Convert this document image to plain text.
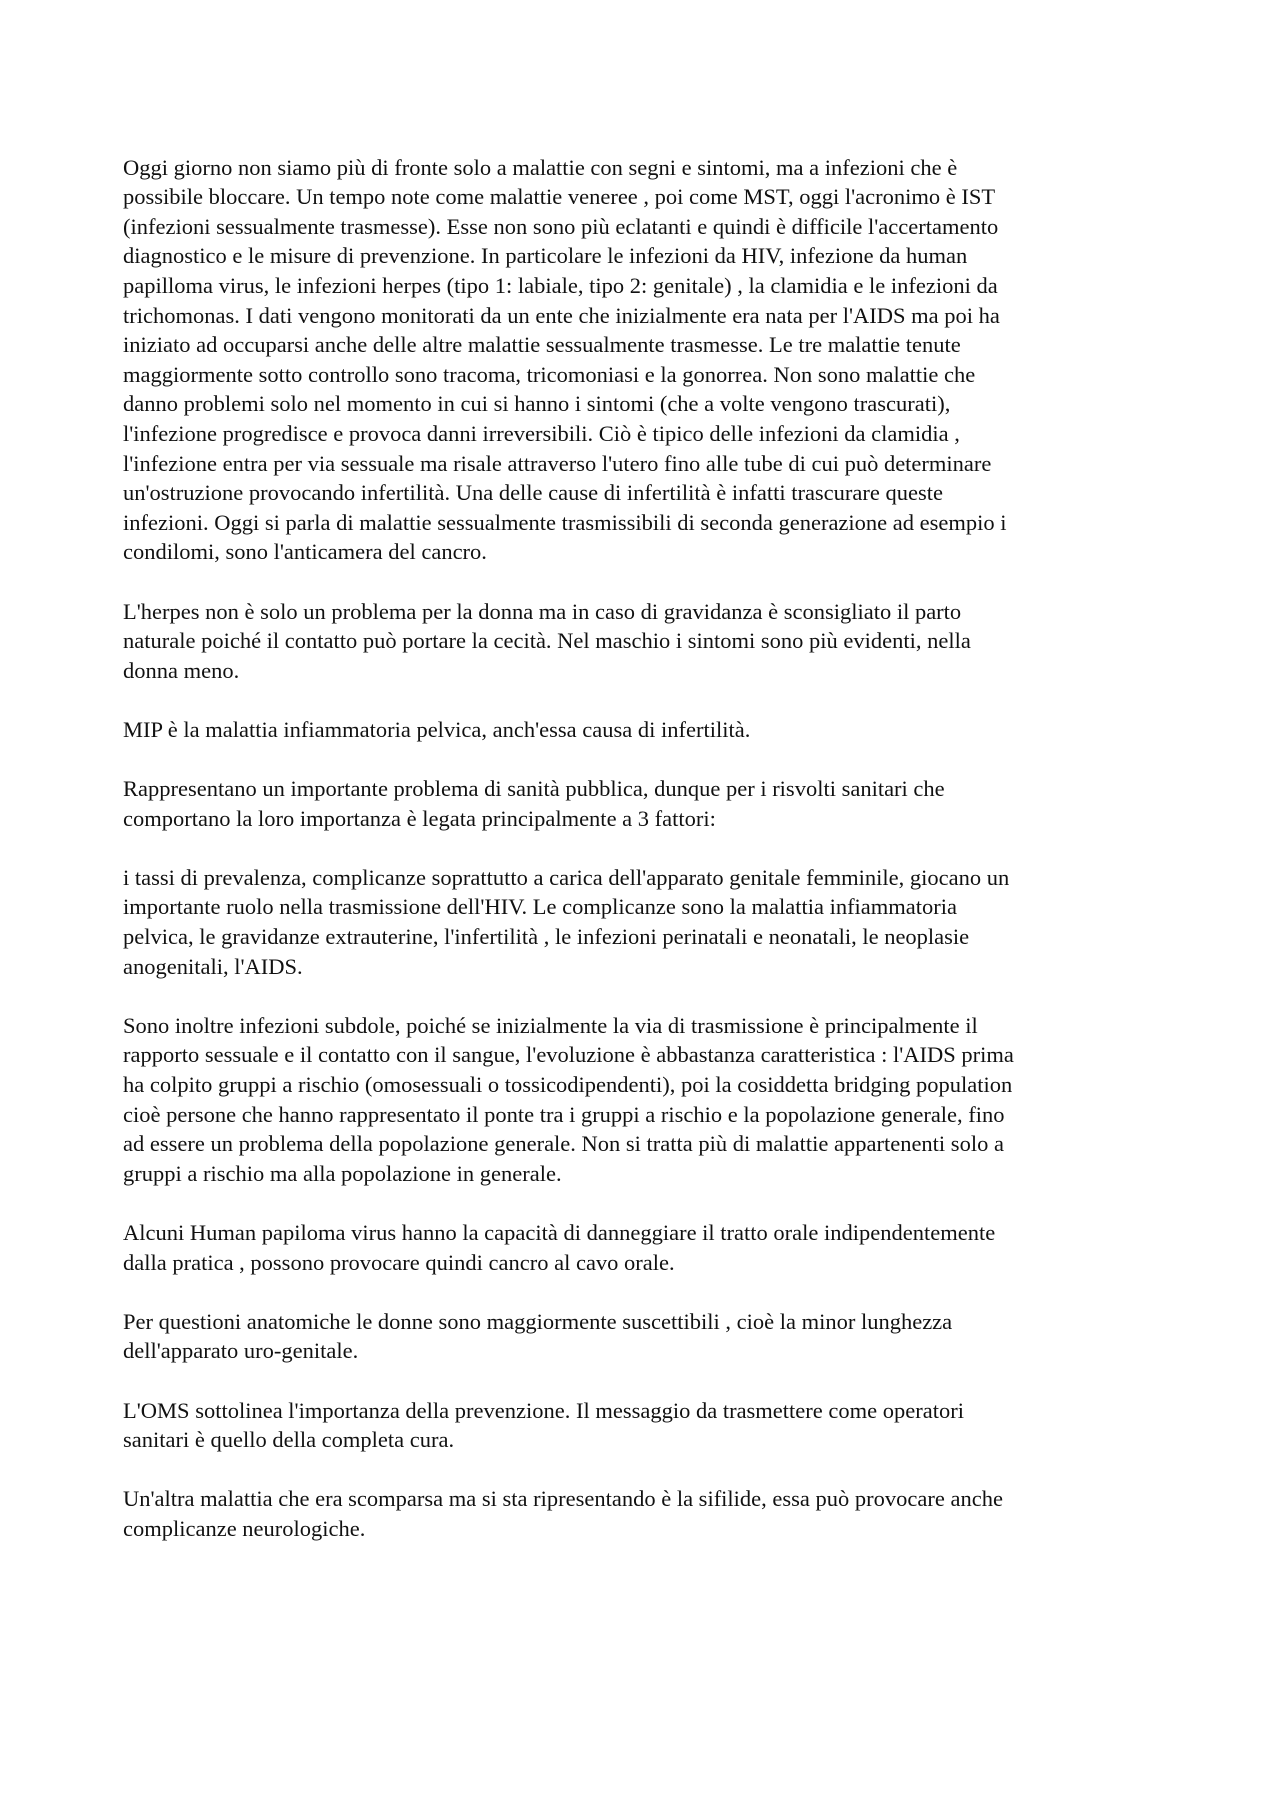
Oggi giorno non siamo più di fronte solo a malattie con segni e sintomi, ma a infezioni che è
possibile bloccare. Un tempo note come malattie veneree , poi come MST, oggi l'acronimo è IST
(infezioni sessualmente trasmesse). Esse non sono più eclatanti e quindi è difficile l'accertamento
diagnostico e le misure di prevenzione. In particolare le infezioni da HIV, infezione da human
papilloma virus, le infezioni herpes (tipo 1: labiale, tipo 2: genitale) , la clamidia e le infezioni da
trichomonas. I dati vengono monitorati da un ente che inizialmente era nata per l'AIDS ma poi ha
iniziato ad occuparsi anche delle altre malattie sessualmente trasmesse. Le tre malattie tenute
maggiormente sotto controllo sono tracoma, tricomoniasi e la gonorrea. Non sono malattie che
danno problemi solo nel momento in cui si hanno i sintomi (che a volte vengono trascurati),
l'infezione progredisce e provoca danni irreversibili. Ciò è tipico delle infezioni da clamidia ,
l'infezione entra per via sessuale ma risale attraverso l'utero fino alle tube di cui può determinare
un'ostruzione provocando infertilità. Una delle cause di infertilità è infatti trascurare queste
infezioni. Oggi si parla di malattie sessualmente trasmissibili di seconda generazione ad esempio i
condilomi, sono l'anticamera del cancro.

L'herpes non è solo un problema per la donna ma in caso di gravidanza è sconsigliato il parto
naturale poiché il contatto può portare la cecità. Nel maschio i sintomi sono più evidenti, nella
donna meno.

MIP è la malattia infiammatoria pelvica, anch'essa causa di infertilità.

Rappresentano un importante problema di sanità pubblica, dunque per i risvolti sanitari che
comportano la loro importanza è legata principalmente a 3 fattori:

i tassi di prevalenza, complicanze soprattutto a carica dell'apparato genitale femminile, giocano un
importante ruolo nella trasmissione dell'HIV. Le complicanze sono la malattia infiammatoria
pelvica, le gravidanze extrauterine, l'infertilità , le infezioni perinatali e neonatali, le neoplasie
anogenitali, l'AIDS.

Sono inoltre infezioni subdole, poiché se inizialmente la via di trasmissione è principalmente il
rapporto sessuale e il contatto con il sangue, l'evoluzione è abbastanza caratteristica : l'AIDS prima
ha colpito gruppi a rischio (omosessuali o tossicodipendenti), poi la cosiddetta bridging population
cioè persone che hanno rappresentato il ponte tra i gruppi a rischio e la popolazione generale, fino
ad essere un problema della popolazione generale. Non si tratta più di malattie appartenenti solo a
gruppi a rischio ma alla popolazione in generale.

Alcuni Human papiloma virus hanno la capacità di danneggiare il tratto orale indipendentemente
dalla pratica , possono provocare quindi cancro al cavo orale.

Per questioni anatomiche le donne sono maggiormente suscettibili , cioè la minor lunghezza
dell'apparato uro-genitale.

L'OMS sottolinea l'importanza della prevenzione. Il messaggio da trasmettere come operatori
sanitari è quello della completa cura.

Un'altra malattia che era scomparsa ma si sta ripresentando è la sifilide, essa può provocare anche
complicanze neurologiche.
